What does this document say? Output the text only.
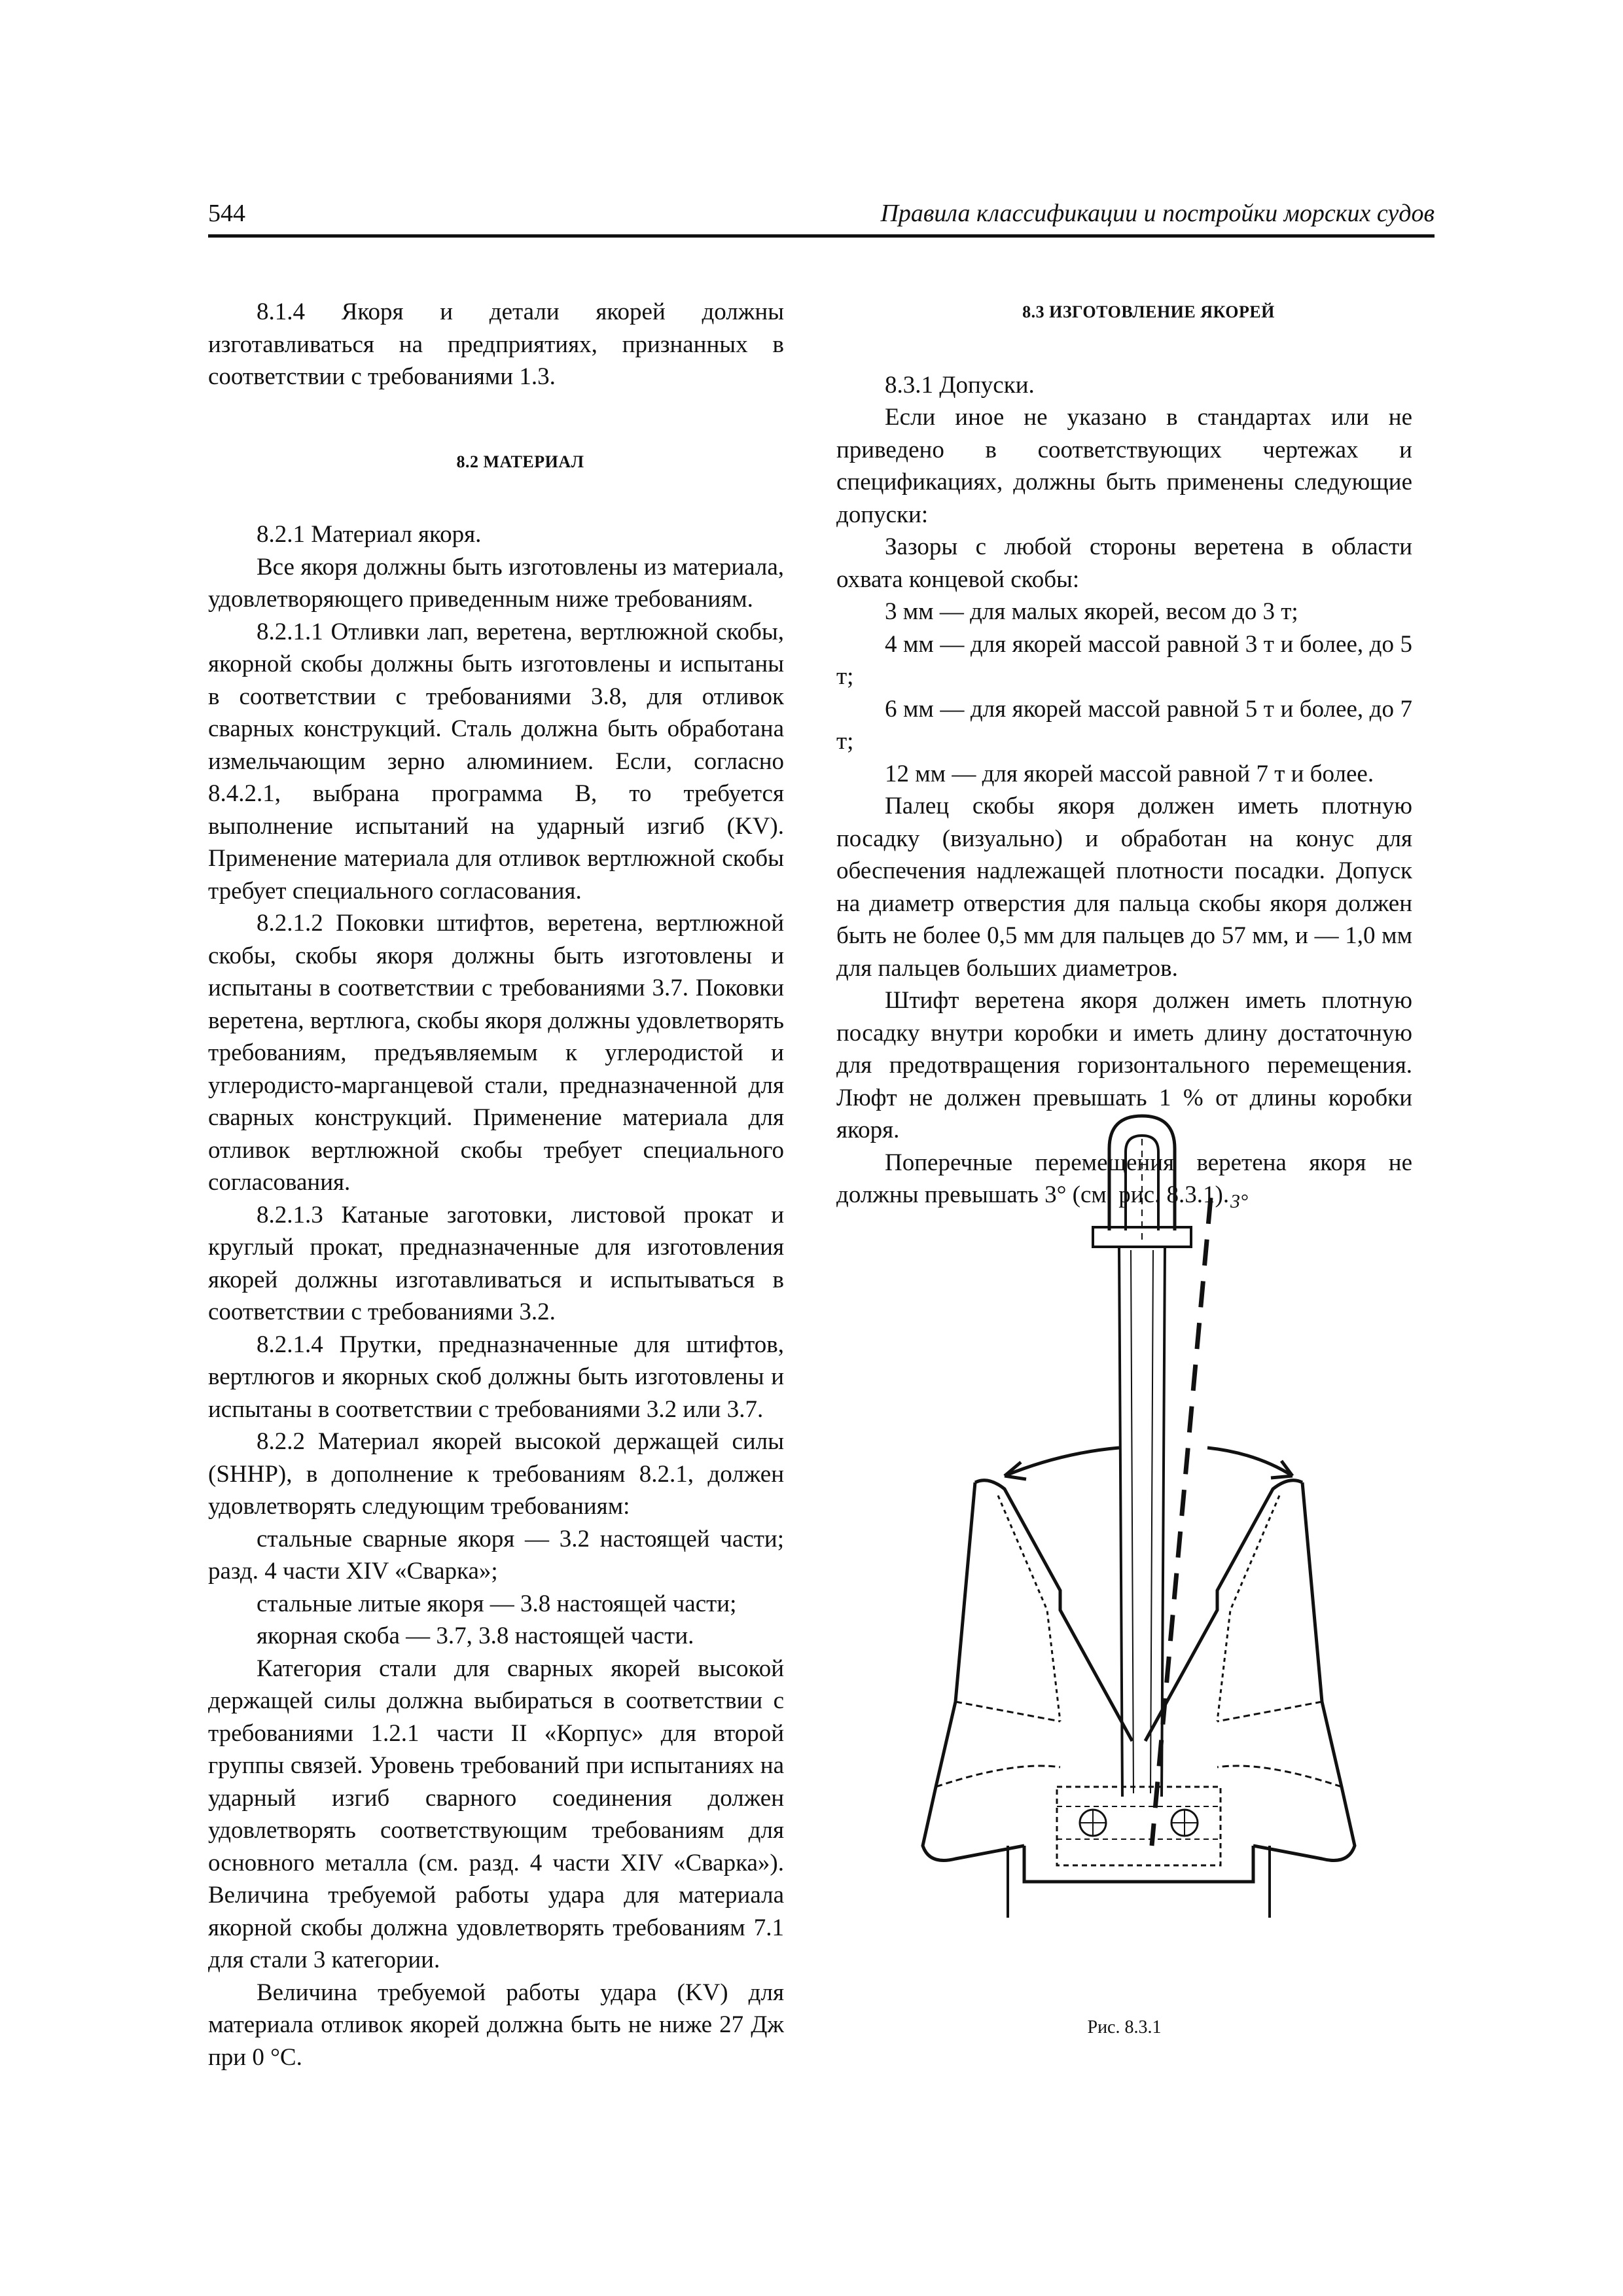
544	Правила классификации и постройки морских судов

8.1.4 Якоря и детали якорей должны изготавливаться на предприятиях, признанных в соответствии с требованиями 1.3.

8.2 МАТЕРИАЛ

8.2.1 Материал якоря.

Все якоря должны быть изготовлены из материала, удовлетворяющего приведенным ниже требованиям.

8.2.1.1 Отливки лап, веретена, вертлюжной скобы, якорной скобы должны быть изготовлены и испытаны в соответствии с требованиями 3.8, для отливок сварных конструкций. Сталь должна быть обработана измельчающим зерно алюминием. Если, согласно 8.4.2.1, выбрана программа В, то требуется выполнение испытаний на ударный изгиб (KV). Применение материала для отливок вертлюжной скобы требует специального согласования.

8.2.1.2 Поковки штифтов, веретена, вертлюжной скобы, скобы якоря должны быть изготовлены и испытаны в соответствии с требованиями 3.7. Поковки веретена, вертлюга, скобы якоря должны удовлетворять требованиям, предъявляемым к углеродистой и углеродисто-марганцевой стали, предназначенной для сварных конструкций. Применение материала для отливок вертлюжной скобы требует специального согласования.

8.2.1.3 Катаные заготовки, листовой прокат и круглый прокат, предназначенные для изготовления якорей должны изготавливаться и испытываться в соответствии с требованиями 3.2.

8.2.1.4 Прутки, предназначенные для штифтов, вертлюгов и якорных скоб должны быть изготовлены и испытаны в соответствии с требованиями 3.2 или 3.7.

8.2.2 Материал якорей высокой держащей силы (SHHP), в дополнение к требованиям 8.2.1, должен удовлетворять следующим требованиям:

стальные сварные якоря — 3.2 настоящей части; разд. 4 части XIV «Сварка»;

стальные литые якоря — 3.8 настоящей части;

якорная скоба — 3.7, 3.8 настоящей части.

Категория стали для сварных якорей высокой держащей силы должна выбираться в соответствии с требованиями 1.2.1 части II «Корпус» для второй группы связей. Уровень требований при испытаниях на ударный изгиб сварного соединения должен удовлетворять соответствующим требованиям для основного металла (см. разд. 4 части XIV «Сварка»). Величина требуемой работы удара для материала якорной скобы должна удовлетворять требованиям 7.1 для стали 3 категории.

Величина требуемой работы удара (KV) для материала отливок якорей должна быть не ниже 27 Дж при 0 °С.

8.3 ИЗГОТОВЛЕНИЕ ЯКОРЕЙ

8.3.1 Допуски.

Если иное не указано в стандартах или не приведено в соответствующих чертежах и спецификациях, должны быть применены следующие допуски:

Зазоры с любой стороны веретена в области охвата концевой скобы:

3 мм — для малых якорей, весом до 3 т;

4 мм — для якорей массой равной 3 т и более, до 5 т;

6 мм — для якорей массой равной 5 т и более, до 7 т;

12 мм — для якорей массой равной 7 т и более.

Палец скобы якоря должен иметь плотную посадку (визуально) и обработан на конус для обеспечения надлежащей плотности посадки. Допуск на диаметр отверстия для пальца скобы якоря должен быть не более 0,5 мм для пальцев до 57 мм, и — 1,0 мм для пальцев больших диаметров.

Штифт веретена якоря должен иметь плотную посадку внутри коробки и иметь длину достаточную для предотвращения горизонтального перемещения. Люфт не должен превышать 1 % от длины коробки якоря.

Поперечные перемещения веретена якоря не должны превышать 3° (см. рис. 8.3.1). 3°
Рис. 8.3.1
